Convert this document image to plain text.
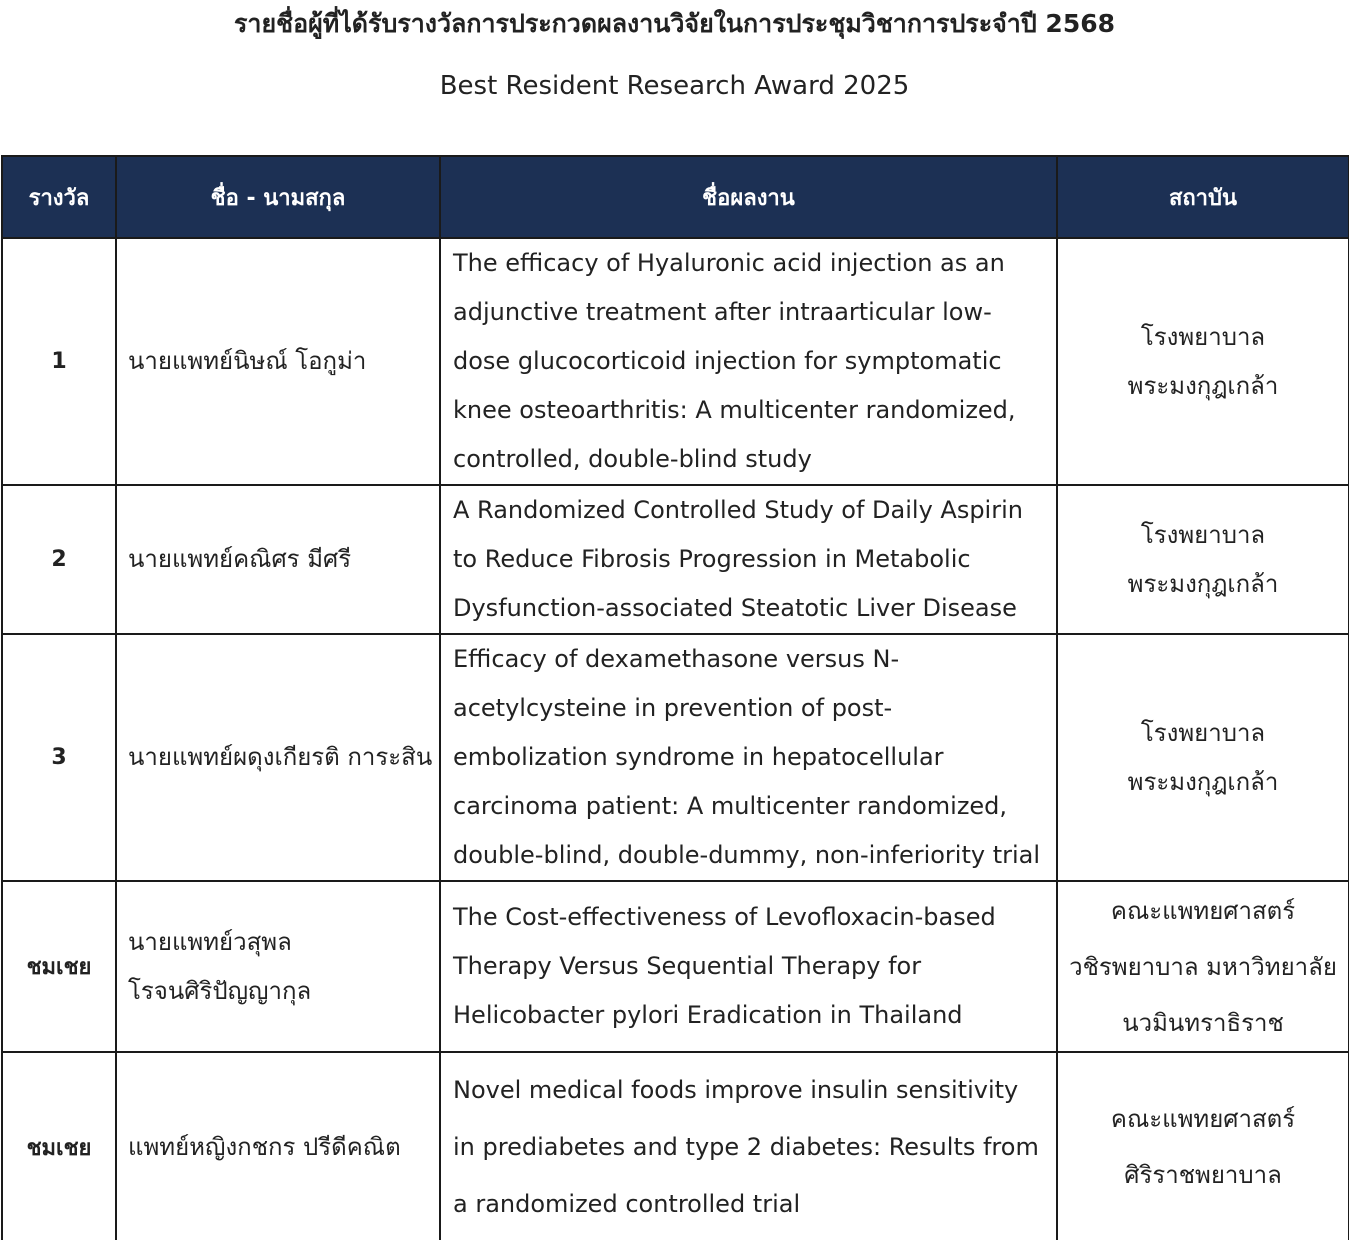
รายชื่อผู้ที่ได้รับรางวัลการประกวดผลงานวิจัยในการประชุมวิชาการประจำปี 2568
Best Resident Research Award 2025
รางวัล	ชื่อ - นามสกุล	ชื่อผลงาน	สถาบัน
1	นายแพทย์นิษณ์ โอกูม่า	The efficacy of Hyaluronic acid injection as an adjunctive treatment after intraarticular low-dose glucocorticoid injection for symptomatic knee osteoarthritis: A multicenter randomized, controlled, double-blind study	โรงพยาบาล
พระมงกุฎเกล้า

2	นายแพทย์คณิศร มีศรี	A Randomized Controlled Study of Daily Aspirin to Reduce Fibrosis Progression in Metabolic Dysfunction-associated Steatotic Liver Disease	โรงพยาบาล
พระมงกุฎเกล้า

3	นายแพทย์ผดุงเกียรติ การะสิน	Efficacy of dexamethasone versus N-acetylcysteine in prevention of post-embolization syndrome in hepatocellular carcinoma patient: A multicenter randomized, double-blind, double-dummy, non-inferiority trial	โรงพยาบาล
พระมงกุฎเกล้า

ชมเชย	นายแพทย์วสุพล
โรจนศิริปัญญากุล	The Cost-effectiveness of Levofloxacin-based Therapy Versus Sequential Therapy for Helicobacter pylori Eradication in Thailand	คณะแพทยศาสตร์
วชิรพยาบาล มหาวิทยาลัย
นวมินทราธิราช

ชมเชย	แพทย์หญิงกชกร ปรีดีคณิต	Novel medical foods improve insulin sensitivity in prediabetes and type 2 diabetes: Results from a randomized controlled trial	คณะแพทยศาสตร์
ศิริราชพยาบาล
